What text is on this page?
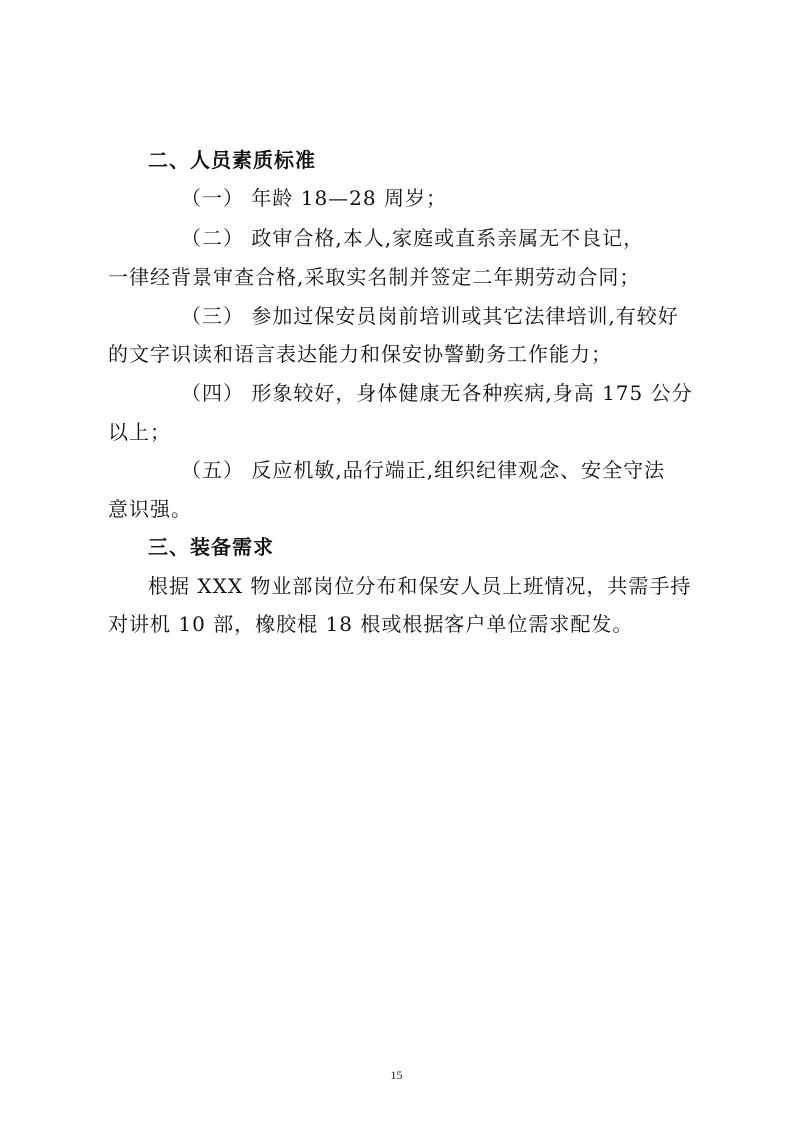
二、人员素质标准
（一） 年龄 18—28 周岁；
（二） 政审合格,本人,家庭或直系亲属无不良记，
一律经背景审查合格,采取实名制并签定二年期劳动合同；
（三） 参加过保安员岗前培训或其它法律培训,有较好
的文字识读和语言表达能力和保安协警勤务工作能力；
（四） 形象较好，身体健康无各种疾病,身高 175 公分
以上；
（五） 反应机敏,品行端正,组织纪律观念、安全守法
意识强。
三、装备需求
根据 XXX 物业部岗位分布和保安人员上班情况，共需手持
对讲机 10 部，橡胶棍 18 根或根据客户单位需求配发。
15
